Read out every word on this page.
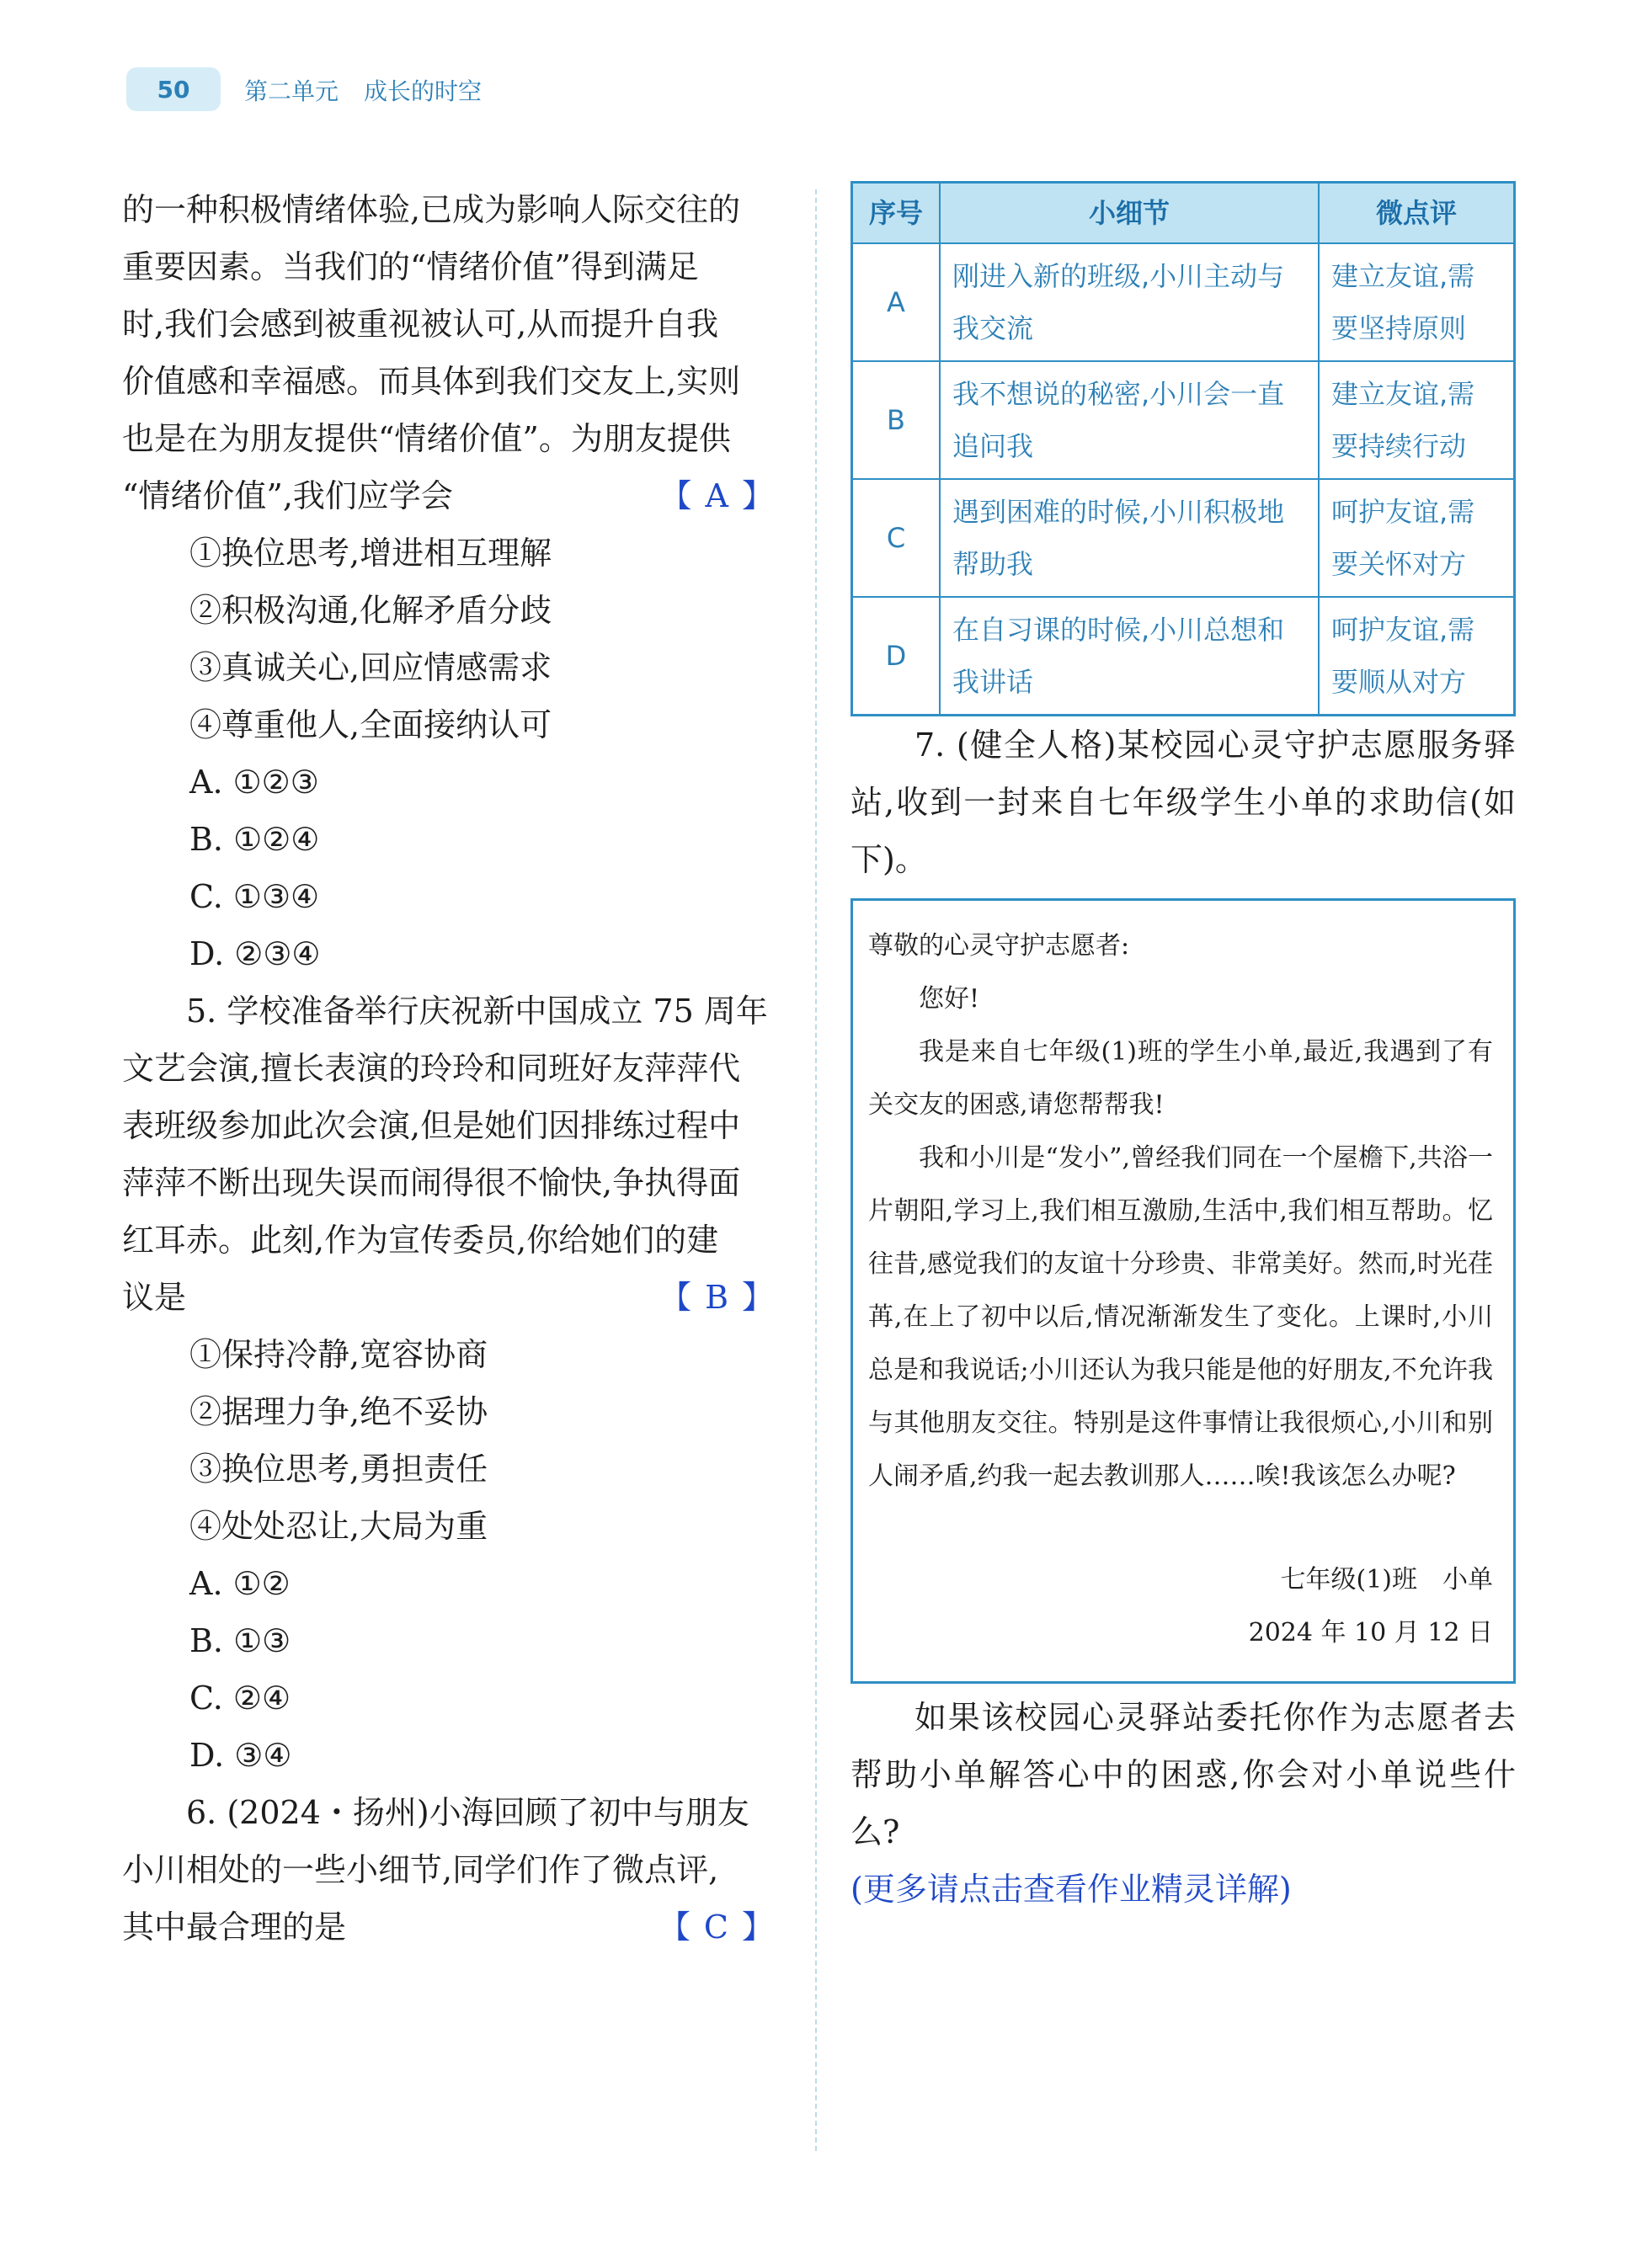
50	第二单元 成长的时空

的一种积极情绪体验,已成为影响人际交往的

重要因素。当我们的“情绪价值”得到满足

时,我们会感到被重视被认可,从而提升自我

价值感和幸福感。而具体到我们交友上,实则

也是在为朋友提供“情绪价值”。为朋友提供

“情绪价值”,我们应学会	【A】

①换位思考,增进相互理解

②积极沟通,化解矛盾分歧

③真诚关心,回应情感需求

④尊重他人,全面接纳认可

A. ①②③

B. ①②④

C. ①③④

D. ②③④

5. 学校准备举行庆祝新中国成立 75 周年

文艺会演,擅长表演的玲玲和同班好友萍萍代

表班级参加此次会演,但是她们因排练过程中

萍萍不断出现失误而闹得很不愉快,争执得面

红耳赤。此刻,作为宣传委员,你给她们的建

议是	【B】

①保持冷静,宽容协商

②据理力争,绝不妥协

③换位思考,勇担责任

④处处忍让,大局为重

A. ①②

B. ①③

C. ②④

D. ③④

6. (2024・扬州)小海回顾了初中与朋友

小川相处的一些小细节,同学们作了微点评,

其中最合理的是	【C】

序号	小细节	微点评
A	刚进入新的班级,小川主动与我交流	建立友谊,需要坚持原则
B	我不想说的秘密,小川会一直追问我	建立友谊,需要持续行动
C	遇到困难的时候,小川积极地帮助我	呵护友谊,需要关怀对方
D	在自习课的时候,小川总想和我讲话	呵护友谊,需要顺从对方

7. (健全人格)某校园心灵守护志愿服务驿站,收到一封来自七年级学生小单的求助信(如下)。

尊敬的心灵守护志愿者:

您好!

我是来自七年级(1)班的学生小单,最近,我遇到了有关交友的困惑,请您帮帮我!

我和小川是“发小”,曾经我们同在一个屋檐下,共浴一片朝阳,学习上,我们相互激励,生活中,我们相互帮助。忆往昔,感觉我们的友谊十分珍贵、非常美好。然而,时光荏苒,在上了初中以后,情况渐渐发生了变化。上课时,小川总是和我说话;小川还认为我只能是他的好朋友,不允许我与其他朋友交往。特别是这件事情让我很烦心,小川和别人闹矛盾,约我一起去教训那人……唉!我该怎么办呢?

七年级(1)班　小单

2024 年 10 月 12 日

如果该校园心灵驿站委托你作为志愿者去帮助小单解答心中的困惑,你会对小单说些什么?

(更多请点击查看作业精灵详解)
